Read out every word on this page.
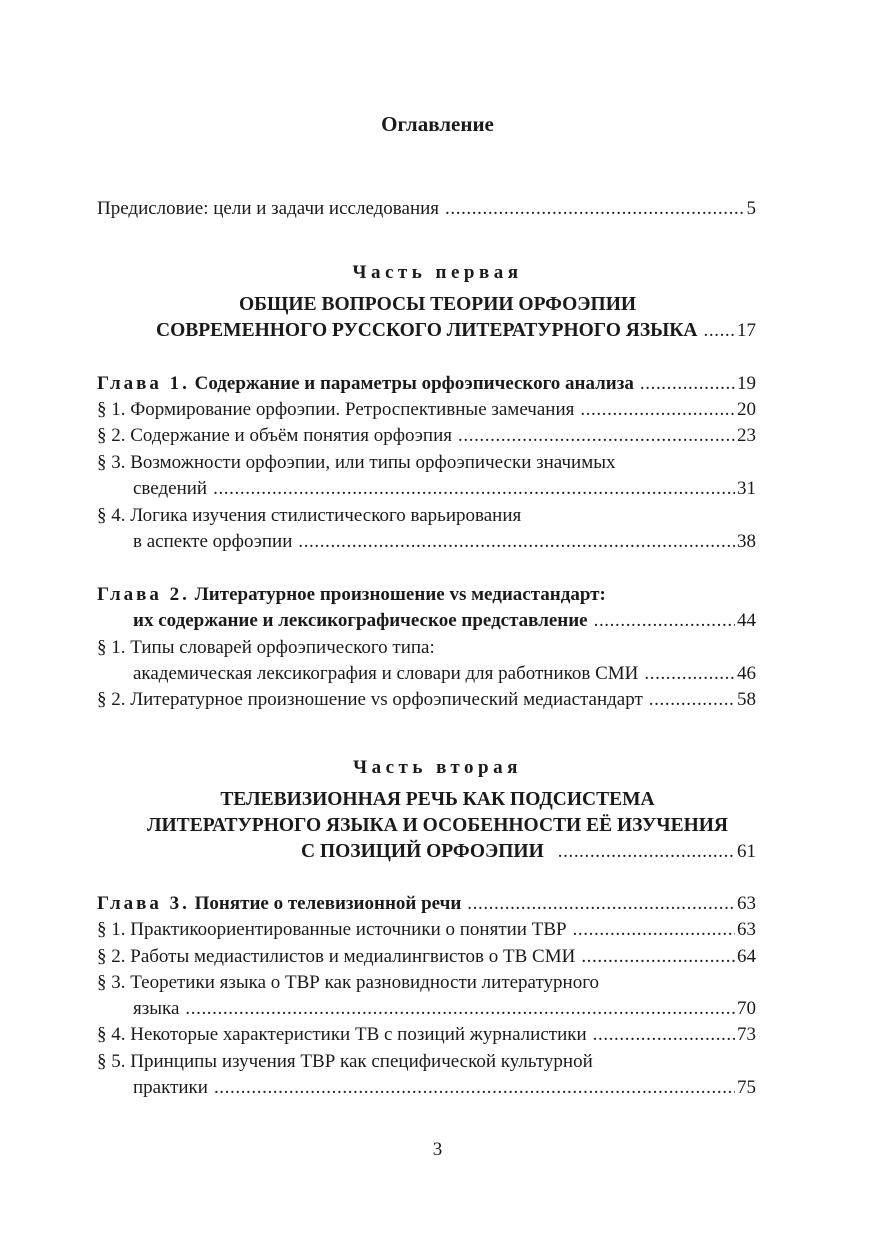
Оглавление
Предисловие: цели и задачи исследования .....	5
Часть первая
ОБЩИЕ ВОПРОСЫ ТЕОРИИ ОРФОЭПИИ
СОВРЕМЕННОГО РУССКОГО ЛИТЕРАТУРНОГО ЯЗЫКА ..... 17
Глава 1. Содержание и параметры орфоэпического анализа .....	19
§ 1. Формирование орфоэпии. Ретроспективные замечания .....	20
§ 2. Содержание и объём понятия орфоэпия .....	23
§ 3. Возможности орфоэпии, или типы орфоэпически значимых
сведений .....	31
§ 4. Логика изучения стилистического варьирования
в аспекте орфоэпии .....	38
Глава 2. Литературное произношение vs медиастандарт:
их содержание и лексикографическое представление .....	44
§ 1. Типы словарей орфоэпического типа:
академическая лексикография и словари для работников СМИ .....	46
§ 2. Литературное произношение vs орфоэпический медиастандарт .....	58
Часть вторая
ТЕЛЕВИЗИОННАЯ РЕЧЬ КАК ПОДСИСТЕМА
ЛИТЕРАТУРНОГО ЯЗЫКА И ОСОБЕННОСТИ ЕЁ ИЗУЧЕНИЯ
С ПОЗИЦИЙ ОРФОЭПИИ .....	61
Глава 3. Понятие о телевизионной речи .....	63
§ 1. Практикоориентированные источники о понятии ТВР .....	63
§ 2. Работы медиастилистов и медиалингвистов о ТВ СМИ .....	64
§ 3. Теоретики языка о ТВР как разновидности литературного
языка .....	70
§ 4. Некоторые характеристики ТВ с позиций журналистики .....	73
§ 5. Принципы изучения ТВР как специфической культурной
практики .....	75
3
